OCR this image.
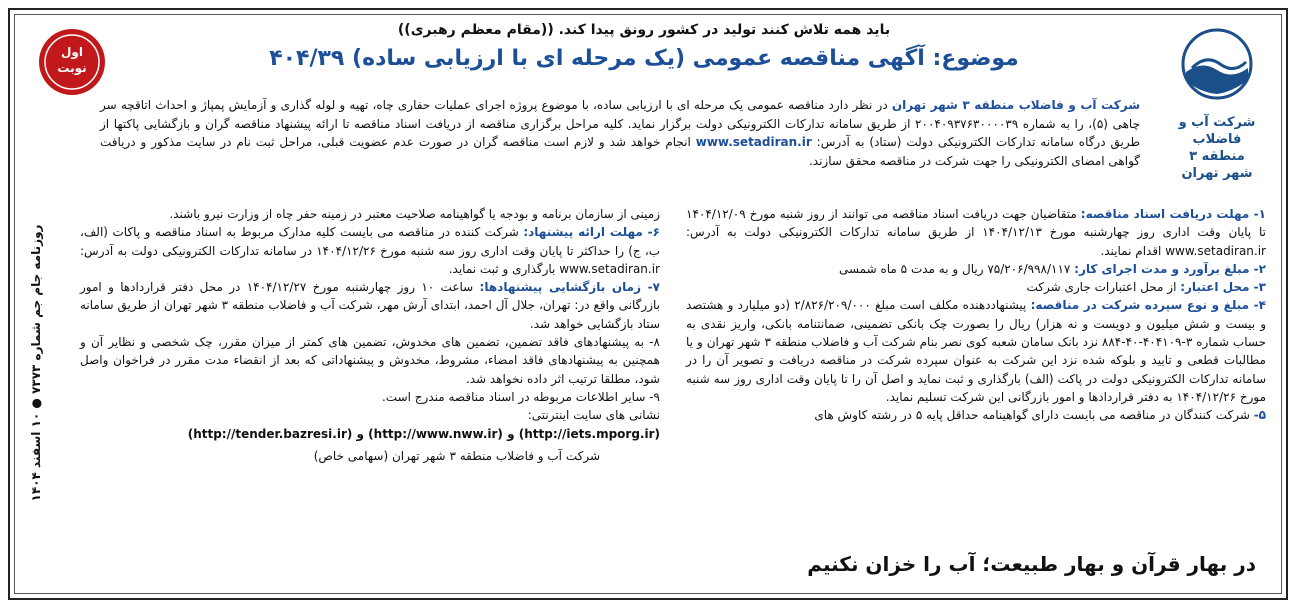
باید همه تلاش کنند تولید در کشور رونق پیدا کند. ((مقام معظم رهبری))
موضوع: آگهی مناقصه عمومی (یک مرحله ای با ارزیابی ساده) ۴۰۴/۳۹
اول
نوبت
شرکت آب و فاضلاب
منطقه ۳
شهر تهران
شرکت آب و فاضلاب منطقه ۳ شهر تهران در نظر دارد مناقصه عمومی یک مرحله ای با ارزیابی ساده، با موضوع پروژه اجرای عملیات حفاری چاه، تهیه و لوله گذاری و آزمایش پمپاژ و احداث اتاقچه سر چاهی (۵)، را به شماره ۲۰۰۴۰۹۳۷۶۳۰۰۰۰۳۹ از طریق سامانه تدارکات الکترونیکی دولت برگزار نماید. کلیه مراحل برگزاری مناقصه از دریافت اسناد مناقصه تا ارائه پیشنهاد مناقصه گران و بازگشایی پاکتها از طریق درگاه سامانه تدارکات الکترونیکی دولت (ستاد) به آدرس: www.setadiran.ir انجام خواهد شد و لازم است مناقصه گران در صورت عدم عضویت قبلی، مراحل ثبت نام در سایت مذکور و دریافت گواهی امضای الکترونیکی را جهت شرکت در مناقصه محقق سازند.

۱- مهلت دریافت اسناد مناقصه: متقاضیان جهت دریافت اسناد مناقصه می توانند از روز شنبه مورخ ۱۴۰۴/۱۲/۰۹ تا پایان وقت اداری روز چهارشنبه مورخ ۱۴۰۴/۱۲/۱۳ از طریق سامانه تدارکات الکترونیکی دولت به آدرس: www.setadiran.ir اقدام نمایند.

۲- مبلغ برآورد و مدت اجرای کار: ۷۵/۲۰۶/۹۹۸/۱۱۷ ریال و به مدت ۵ ماه شمسی

۳- محل اعتبار: از محل اعتبارات جاری شرکت

۴- مبلغ و نوع سپرده شرکت در مناقصه: پیشنهاددهنده مکلف است مبلغ ۲/۸۲۶/۲۰۹/۰۰۰ (دو میلیارد و هشتصد و بیست و شش میلیون و دویست و نه هزار) ریال را بصورت چک بانکی تضمینی، ضمانتنامه بانکی، واریز نقدی به حساب شماره ۳-۴۰۴۱۰۹-۴۰-۸۸۴ نزد بانک سامان شعبه کوی نصر بنام شرکت آب و فاضلاب منطقه ۳ شهر تهران و یا مطالبات قطعی و تایید و بلوکه شده نزد این شرکت به عنوان سپرده شرکت در مناقصه دریافت و تصویر آن را در سامانه تدارکات الکترونیکی دولت در پاکت (الف) بارگذاری و ثبت نماید و اصل آن را تا پایان وقت اداری روز سه شنبه مورخ ۱۴۰۴/۱۲/۲۶ به دفتر قراردادها و امور بازرگانی این شرکت تسلیم نماید.

۵- شرکت کنندگان در مناقصه می بایست دارای گواهینامه حداقل پایه ۵ در رشته کاوش های

زمینی از سازمان برنامه و بودجه یا گواهینامه صلاحیت معتبر در زمینه حفر چاه از وزارت نیرو باشند.

۶- مهلت ارائه پیشنهاد: شرکت کننده در مناقصه می بایست کلیه مدارک مربوط به اسناد مناقصه و پاکات (الف، ب، ج) را حداکثر تا پایان وقت اداری روز سه شنبه مورخ ۱۴۰۴/۱۲/۲۶ در سامانه تدارکات الکترونیکی دولت به آدرس: www.setadiran.ir بارگذاری و ثبت نماید.

۷- زمان بازگشایی پیشنهادها: ساعت ۱۰ روز چهارشنبه مورخ ۱۴۰۴/۱۲/۲۷ در محل دفتر قراردادها و امور بازرگانی واقع در: تهران، جلال آل احمد، ابتدای آرش مهر، شرکت آب و فاضلاب منطقه ۳ شهر تهران از طریق سامانه ستاد بازگشایی خواهد شد.

۸- به پیشنهادهای فاقد تضمین، تضمین های مخدوش، تضمین های کمتر از میزان مقرر، چک شخصی و نظایر آن و همچنین به پیشنهادهای فاقد امضاء، مشروط، مخدوش و پیشنهاداتی که بعد از انقضاء مدت مقرر در فراخوان واصل شود، مطلقا ترتیب اثر داده نخواهد شد.

۹- سایر اطلاعات مربوطه در اسناد مناقصه مندرج است.

نشانی های سایت اینترنتی:

(http://iets.mporg.ir) و (http://www.nww.ir) و (http://tender.bazresi.ir)

شرکت آب و فاضلاب منطقه ۳ شهر تهران (سهامی خاص)

در بهار قرآن و بهار طبیعت؛ آب را خزان نکنیم
روزنامه جام جم شماره ۷۳۷۳ ● ۱۰ اسفند ۱۴۰۴
